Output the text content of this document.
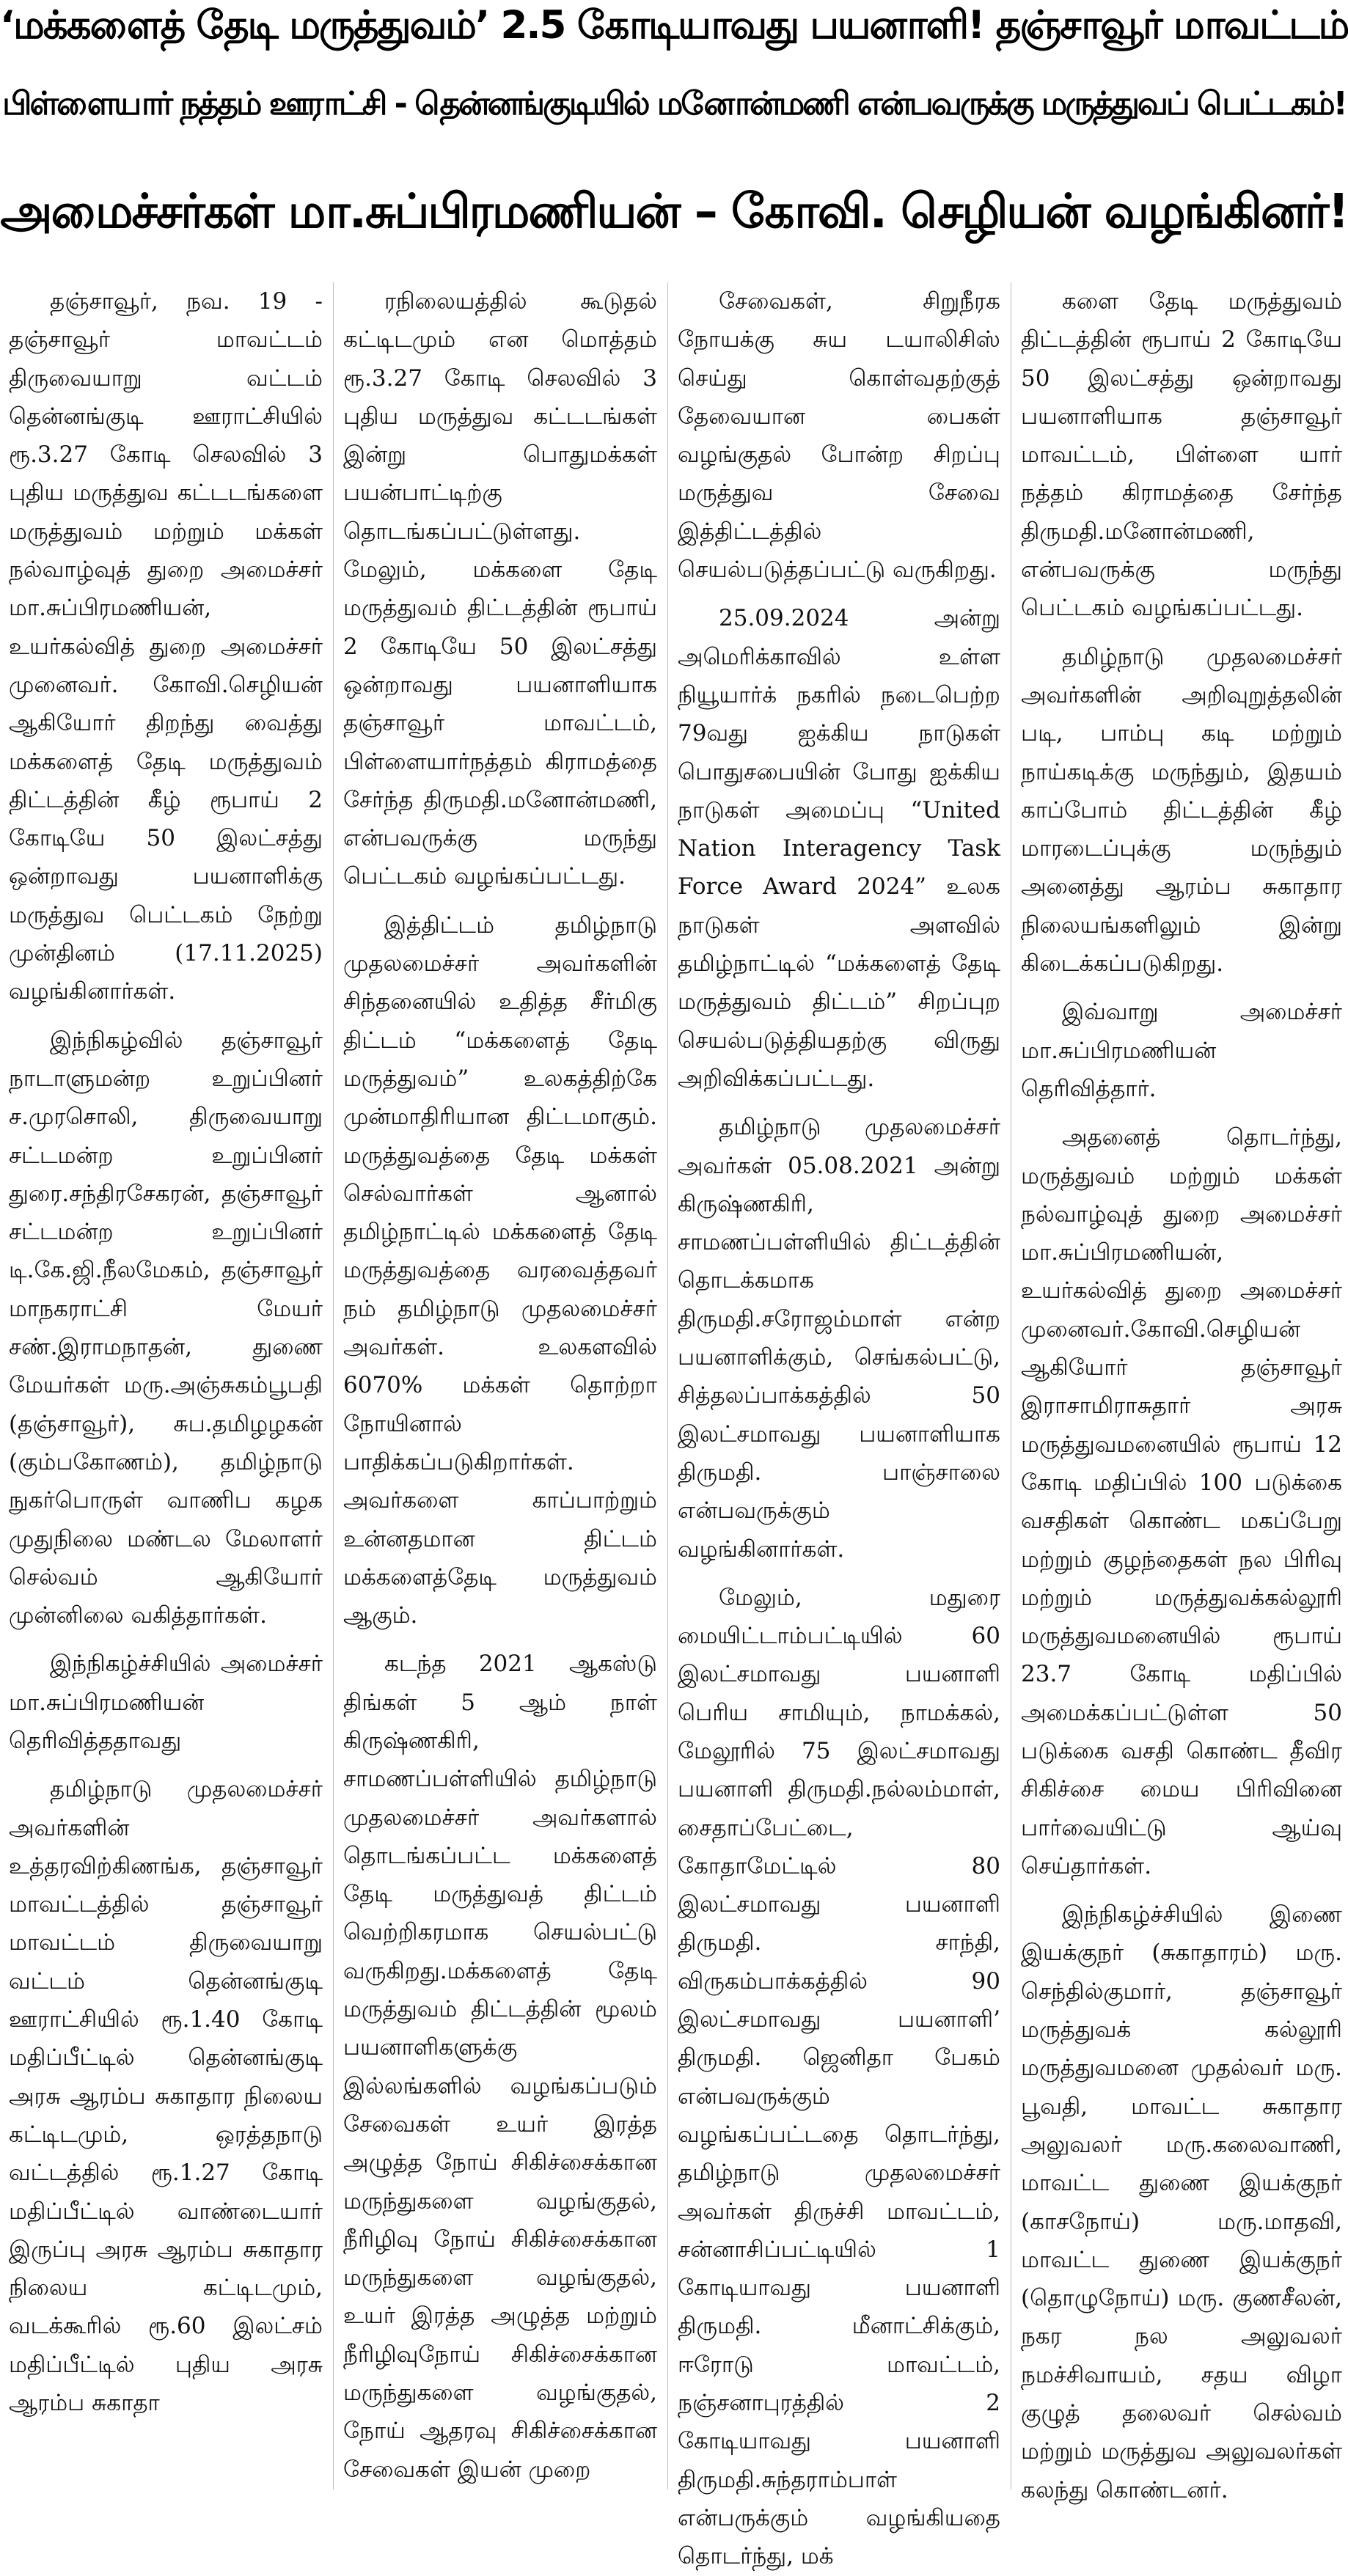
‘மக்களைத் தேடி மருத்துவம்’ 2.5 கோடியாவது பயனாளி! தஞ்சாவூர் மாவட்டம்
பிள்ளையார் நத்தம் ஊராட்சி - தென்னங்குடியில் மனோன்மணி என்பவருக்கு மருத்துவப் பெட்டகம்!
அமைச்சர்கள் மா.சுப்பிரமணியன் – கோவி. செழியன் வழங்கினர்!

தஞ்சாவூர், நவ. 19 - தஞ்சாவூர் மாவட்டம் திருவையாறு வட்டம் தென்னங்குடி ஊராட்சியில் ரூ.3.27 கோடி செலவில் 3 புதிய மருத்துவ கட்டடங்களை மருத்துவம் மற்றும் மக்கள் நல்வாழ்வுத் துறை அமைச்சர் மா.சுப்பிரமணியன், உயர்கல்வித் துறை அமைச்சர் முனைவர். கோவி.செழியன் ஆகியோர் திறந்து வைத்து மக்களைத் தேடி மருத்துவம் திட்டத்தின் கீழ் ரூபாய் 2 கோடியே 50 இலட்சத்து ஒன்றாவது பயனாளிக்கு மருத்துவ பெட்டகம் நேற்று முன்தினம் (17.11.2025) வழங்கினார்கள்.

இந்நிகழ்வில் தஞ்சாவூர் நாடாளுமன்ற உறுப்பினர் ச.முரசொலி, திருவையாறு சட்டமன்ற உறுப்பினர் துரை.சந்திரசேகரன், தஞ்சாவூர் சட்டமன்ற உறுப்பினர் டி.கே.ஜி.நீலமேகம், தஞ்சாவூர் மாநகராட்சி மேயர் சண்.இராமநாதன், துணை மேயர்கள் மரு.அஞ்சுகம்பூபதி (தஞ்சாவூர்), சுப.தமிழழகன் (கும்பகோணம்), தமிழ்நாடு நுகர்பொருள் வாணிப கழக முதுநிலை மண்டல மேலாளர் செல்வம் ஆகியோர் முன்னிலை வகித்தார்கள்.

இந்நிகழ்ச்சியில் அமைச்சர் மா.சுப்பிரமணியன் தெரிவித்ததாவது

தமிழ்நாடு முதலமைச்சர் அவர்களின் உத்தரவிற்கிணங்க, தஞ்சாவூர் மாவட்டத்தில் தஞ்சாவூர் மாவட்டம் திருவையாறு வட்டம் தென்னங்குடி ஊராட்சியில் ரூ.1.40 கோடி மதிப்பீட்டில் தென்னங்குடி அரசு ஆரம்ப சுகாதார நிலைய கட்டிடமும், ஒரத்தநாடு வட்டத்தில் ரூ.1.27 கோடி மதிப்பீட்டில் வாண்டையார் இருப்பு அரசு ஆரம்ப சுகாதார நிலைய கட்டிடமும், வடக்கூரில் ரூ.60 இலட்சம் மதிப்பீட்டில் புதிய அரசு ஆரம்ப சுகாதா

ரநிலையத்தில் கூடுதல் கட்டிடமும் என மொத்தம் ரூ.3.27 கோடி செலவில் 3 புதிய மருத்துவ கட்டடங்கள் இன்று பொதுமக்கள் பயன்பாட்டிற்கு தொடங்கப்பட்டுள்ளது. மேலும், மக்களை தேடி மருத்துவம் திட்டத்தின் ரூபாய் 2 கோடியே 50 இலட்சத்து ஒன்றாவது பயனாளியாக தஞ்சாவூர் மாவட்டம், பிள்ளையார்நத்தம் கிராமத்தை சேர்ந்த திருமதி.மனோன்மணி, என்பவருக்கு மருந்து பெட்டகம் வழங்கப்பட்டது.

இத்திட்டம் தமிழ்நாடு முதலமைச்சர் அவர்களின் சிந்தனையில் உதித்த சீர்மிகு திட்டம் “மக்களைத் தேடி மருத்துவம்” உலகத்திற்கே முன்மாதிரியான திட்டமாகும். மருத்துவத்தை தேடி மக்கள் செல்வார்கள் ஆனால் தமிழ்நாட்டில் மக்களைத் தேடி மருத்துவத்தை வரவைத்தவர் நம் தமிழ்நாடு முதலமைச்சர் அவர்கள். உலகளவில் 6070% மக்கள் தொற்றா நோயினால் பாதிக்கப்படுகிறார்கள். அவர்களை காப்பாற்றும் உன்னதமான திட்டம் மக்களைத்தேடி மருத்துவம் ஆகும்.

கடந்த 2021 ஆகஸ்டு திங்கள் 5 ஆம் நாள் கிருஷ்ணகிரி, சாமணப்பள்ளியில் தமிழ்நாடு முதலமைச்சர் அவர்களால் தொடங்கப்பட்ட மக்களைத் தேடி மருத்துவத் திட்டம் வெற்றிகரமாக செயல்பட்டு வருகிறது.மக்களைத் தேடி மருத்துவம் திட்டத்தின் மூலம் பயனாளிகளுக்கு இல்லங்களில் வழங்கப்படும் சேவைகள் உயர் இரத்த அழுத்த நோய் சிகிச்சைக்கான மருந்துகளை வழங்குதல், நீரிழிவு நோய் சிகிச்சைக்கான மருந்துகளை வழங்குதல், உயர் இரத்த அழுத்த மற்றும் நீரிழிவுநோய் சிகிச்சைக்கான மருந்துகளை வழங்குதல், நோய் ஆதரவு சிகிச்சைக்கான சேவைகள் இயன் முறை

சேவைகள், சிறுநீரக நோயக்கு சுய டயாலிசிஸ் செய்து கொள்வதற்குத் தேவையான பைகள் வழங்குதல் போன்ற சிறப்பு மருத்துவ சேவை இத்திட்டத்தில் செயல்படுத்தப்பட்டு வருகிறது.

25.09.2024 அன்று அமெரிக்காவில் உள்ள நியூயார்க் நகரில் நடைபெற்ற 79வது ஐக்கிய நாடுகள் பொதுசபையின் போது ஐக்கிய நாடுகள் அமைப்பு “United Nation Interagency Task Force Award 2024” உலக நாடுகள் அளவில் தமிழ்நாட்டில் “மக்களைத் தேடி மருத்துவம் திட்டம்” சிறப்புற செயல்படுத்தியதற்கு விருது அறிவிக்கப்பட்டது.

தமிழ்நாடு முதலமைச்சர் அவர்கள் 05.08.2021 அன்று கிருஷ்ணகிரி, சாமணப்பள்ளியில் திட்டத்தின் தொடக்கமாக திருமதி.சரோஜம்மாள் என்ற பயனாளிக்கும், செங்கல்பட்டு, சித்தலப்பாக்கத்தில் 50 இலட்சமாவது பயனாளியாக திருமதி. பாஞ்சாலை என்பவருக்கும் வழங்கினார்கள்.

மேலும், மதுரை மையிட்டாம்பட்டியில் 60 இலட்சமாவது பயனாளி பெரிய சாமியும், நாமக்கல், மேலூரில் 75 இலட்சமாவது பயனாளி திருமதி.நல்லம்மாள், சைதாப்பேட்டை, கோதாமேட்டில் 80 இலட்சமாவது பயனாளி திருமதி. சாந்தி, விருகம்பாக்கத்தில் 90 இலட்சமாவது பயனாளி’ திருமதி. ஜெனிதா பேகம் என்பவருக்கும் வழங்கப்பட்டதை தொடர்ந்து, தமிழ்நாடு முதலமைச்சர் அவர்கள் திருச்சி மாவட்டம், சன்னாசிப்பட்டியில் 1 கோடியாவது பயனாளி திருமதி. மீனாட்சிக்கும், ஈரோடு மாவட்டம், நஞ்சனாபுரத்தில் 2 கோடியாவது பயனாளி திருமதி.சுந்தராம்பாள் என்பருக்கும் வழங்கியதை தொடர்ந்து, மக்

களை தேடி மருத்துவம் திட்டத்தின் ரூபாய் 2 கோடியே 50 இலட்சத்து ஒன்றாவது பயனாளியாக தஞ்சாவூர் மாவட்டம், பிள்ளை யார் நத்தம் கிராமத்தை சேர்ந்த திருமதி.மனோன்மணி, என்பவருக்கு மருந்து பெட்டகம் வழங்கப்பட்டது.

தமிழ்நாடு முதலமைச்சர் அவர்களின் அறிவுறுத்தலின் படி, பாம்பு கடி மற்றும் நாய்கடிக்கு மருந்தும், இதயம் காப்போம் திட்டத்தின் கீழ் மாரடைப்புக்கு மருந்தும் அனைத்து ஆரம்ப சுகாதார நிலையங்களிலும் இன்று கிடைக்கப்படுகிறது.

இவ்வாறு அமைச்சர் மா.சுப்பிரமணியன் தெரிவித்தார்.

அதனைத் தொடர்ந்து, மருத்துவம் மற்றும் மக்கள் நல்வாழ்வுத் துறை அமைச்சர் மா.சுப்பிரமணியன், உயர்கல்வித் துறை அமைச்சர் முனைவர்.கோவி.செழியன் ஆகியோர் தஞ்சாவூர் இராசாமிராசுதார் அரசு மருத்துவமனையில் ரூபாய் 12 கோடி மதிப்பில் 100 படுக்கை வசதிகள் கொண்ட மகப்பேறு மற்றும் குழந்தைகள் நல பிரிவு மற்றும் மருத்துவக்கல்லூரி மருத்துவமனையில் ரூபாய் 23.7 கோடி மதிப்பில் அமைக்கப்பட்டுள்ள 50 படுக்கை வசதி கொண்ட தீவிர சிகிச்சை மைய பிரிவினை பார்வையிட்டு ஆய்வு செய்தார்கள்.

இந்நிகழ்ச்சியில் இணை இயக்குநர் (சுகாதாரம்) மரு. செந்தில்குமார், தஞ்சாவூர் மருத்துவக் கல்லூரி மருத்துவமனை முதல்வர் மரு. பூவதி, மாவட்ட சுகாதார அலுவலர் மரு.கலைவாணி, மாவட்ட துணை இயக்குநர் (காசநோய்) மரு.மாதவி, மாவட்ட துணை இயக்குநர் (தொழுநோய்) மரு. குணசீலன், நகர நல அலுவலர் நமச்சிவாயம், சதய விழா குழுத் தலைவர் செல்வம் மற்றும் மருத்துவ அலுவலர்கள் கலந்து கொண்டனர்.
